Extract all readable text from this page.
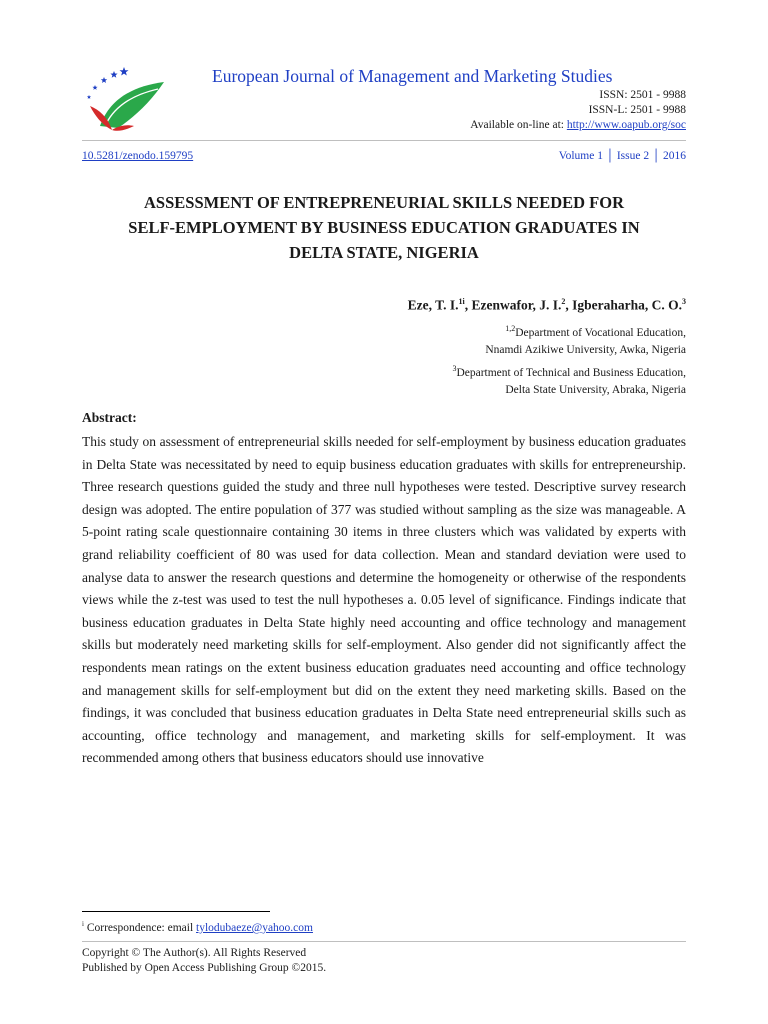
European Journal of Management and Marketing Studies
ISSN: 2501 - 9988
ISSN-L: 2501 - 9988
Available on-line at: http://www.oapub.org/soc
10.5281/zenodo.159795	Volume 1 │ Issue 2 │ 2016
ASSESSMENT OF ENTREPRENEURIAL SKILLS NEEDED FOR
SELF-EMPLOYMENT BY BUSINESS EDUCATION GRADUATES IN
DELTA STATE, NIGERIA
Eze, T. I.$^{1i}$, Ezenwafor, J. I.$^2$, Igberaharha, C. O.$^3$
$^{1,2}$Department of Vocational Education,
Nnamdi Azikiwe University, Awka, Nigeria
$^3$Department of Technical and Business Education,
Delta State University, Abraka, Nigeria
Abstract:

This study on assessment of entrepreneurial skills needed for self-employment by business education graduates in Delta State was necessitated by need to equip business education graduates with skills for entrepreneurship. Three research questions guided the study and three null hypotheses were tested. Descriptive survey research design was adopted. The entire population of 377 was studied without sampling as the size was manageable. A 5-point rating scale questionnaire containing 30 items in three clusters which was validated by experts with grand reliability coefficient of 80 was used for data collection. Mean and standard deviation were used to analyse data to answer the research questions and determine the homogeneity or otherwise of the respondents views while the z-test was used to test the null hypotheses a. 0.05 level of significance. Findings indicate that business education graduates in Delta State highly need accounting and office technology and management skills but moderately need marketing skills for self-employment. Also gender did not significantly affect the respondents mean ratings on the extent business education graduates need accounting and office technology and management skills for self-employment but did on the extent they need marketing skills. Based on the findings, it was concluded that business education graduates in Delta State need entrepreneurial skills such as accounting, office technology and management, and marketing skills for self-employment. It was recommended among others that business educators should use innovative

$^i$ Correspondence: email tylodubaeze@yahoo.com
Copyright © The Author(s). All Rights Reserved
Published by Open Access Publishing Group ©2015.
